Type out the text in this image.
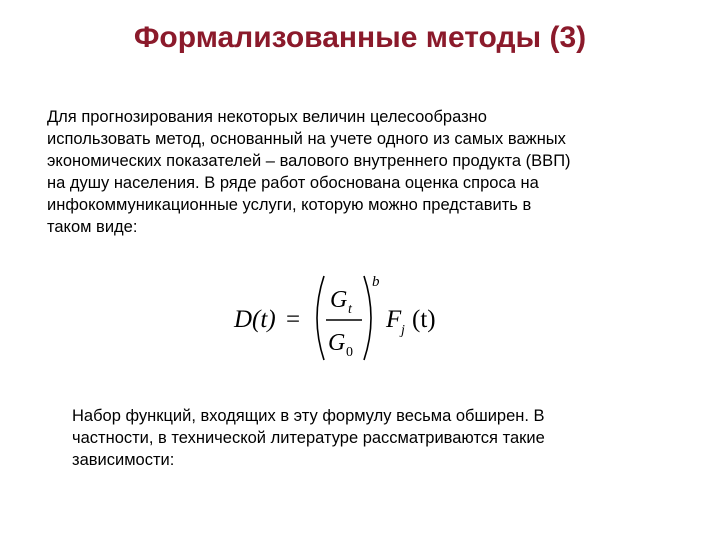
Формализованные методы (3)

Для прогнозирования некоторых величин целесообразно
использовать метод, основанный на учете одного из самых важных
экономических показателей – валового внутреннего продукта (ВВП)
на душу населения. В ряде работ обоснована оценка спроса на
инфокоммуникационные услуги, которую можно представить в
таком виде:

D(t) =
G t
G 0
b
F j (t)

Набор функций, входящих в эту формулу весьма обширен. В
частности, в технической литературе рассматриваются такие
зависимости:
